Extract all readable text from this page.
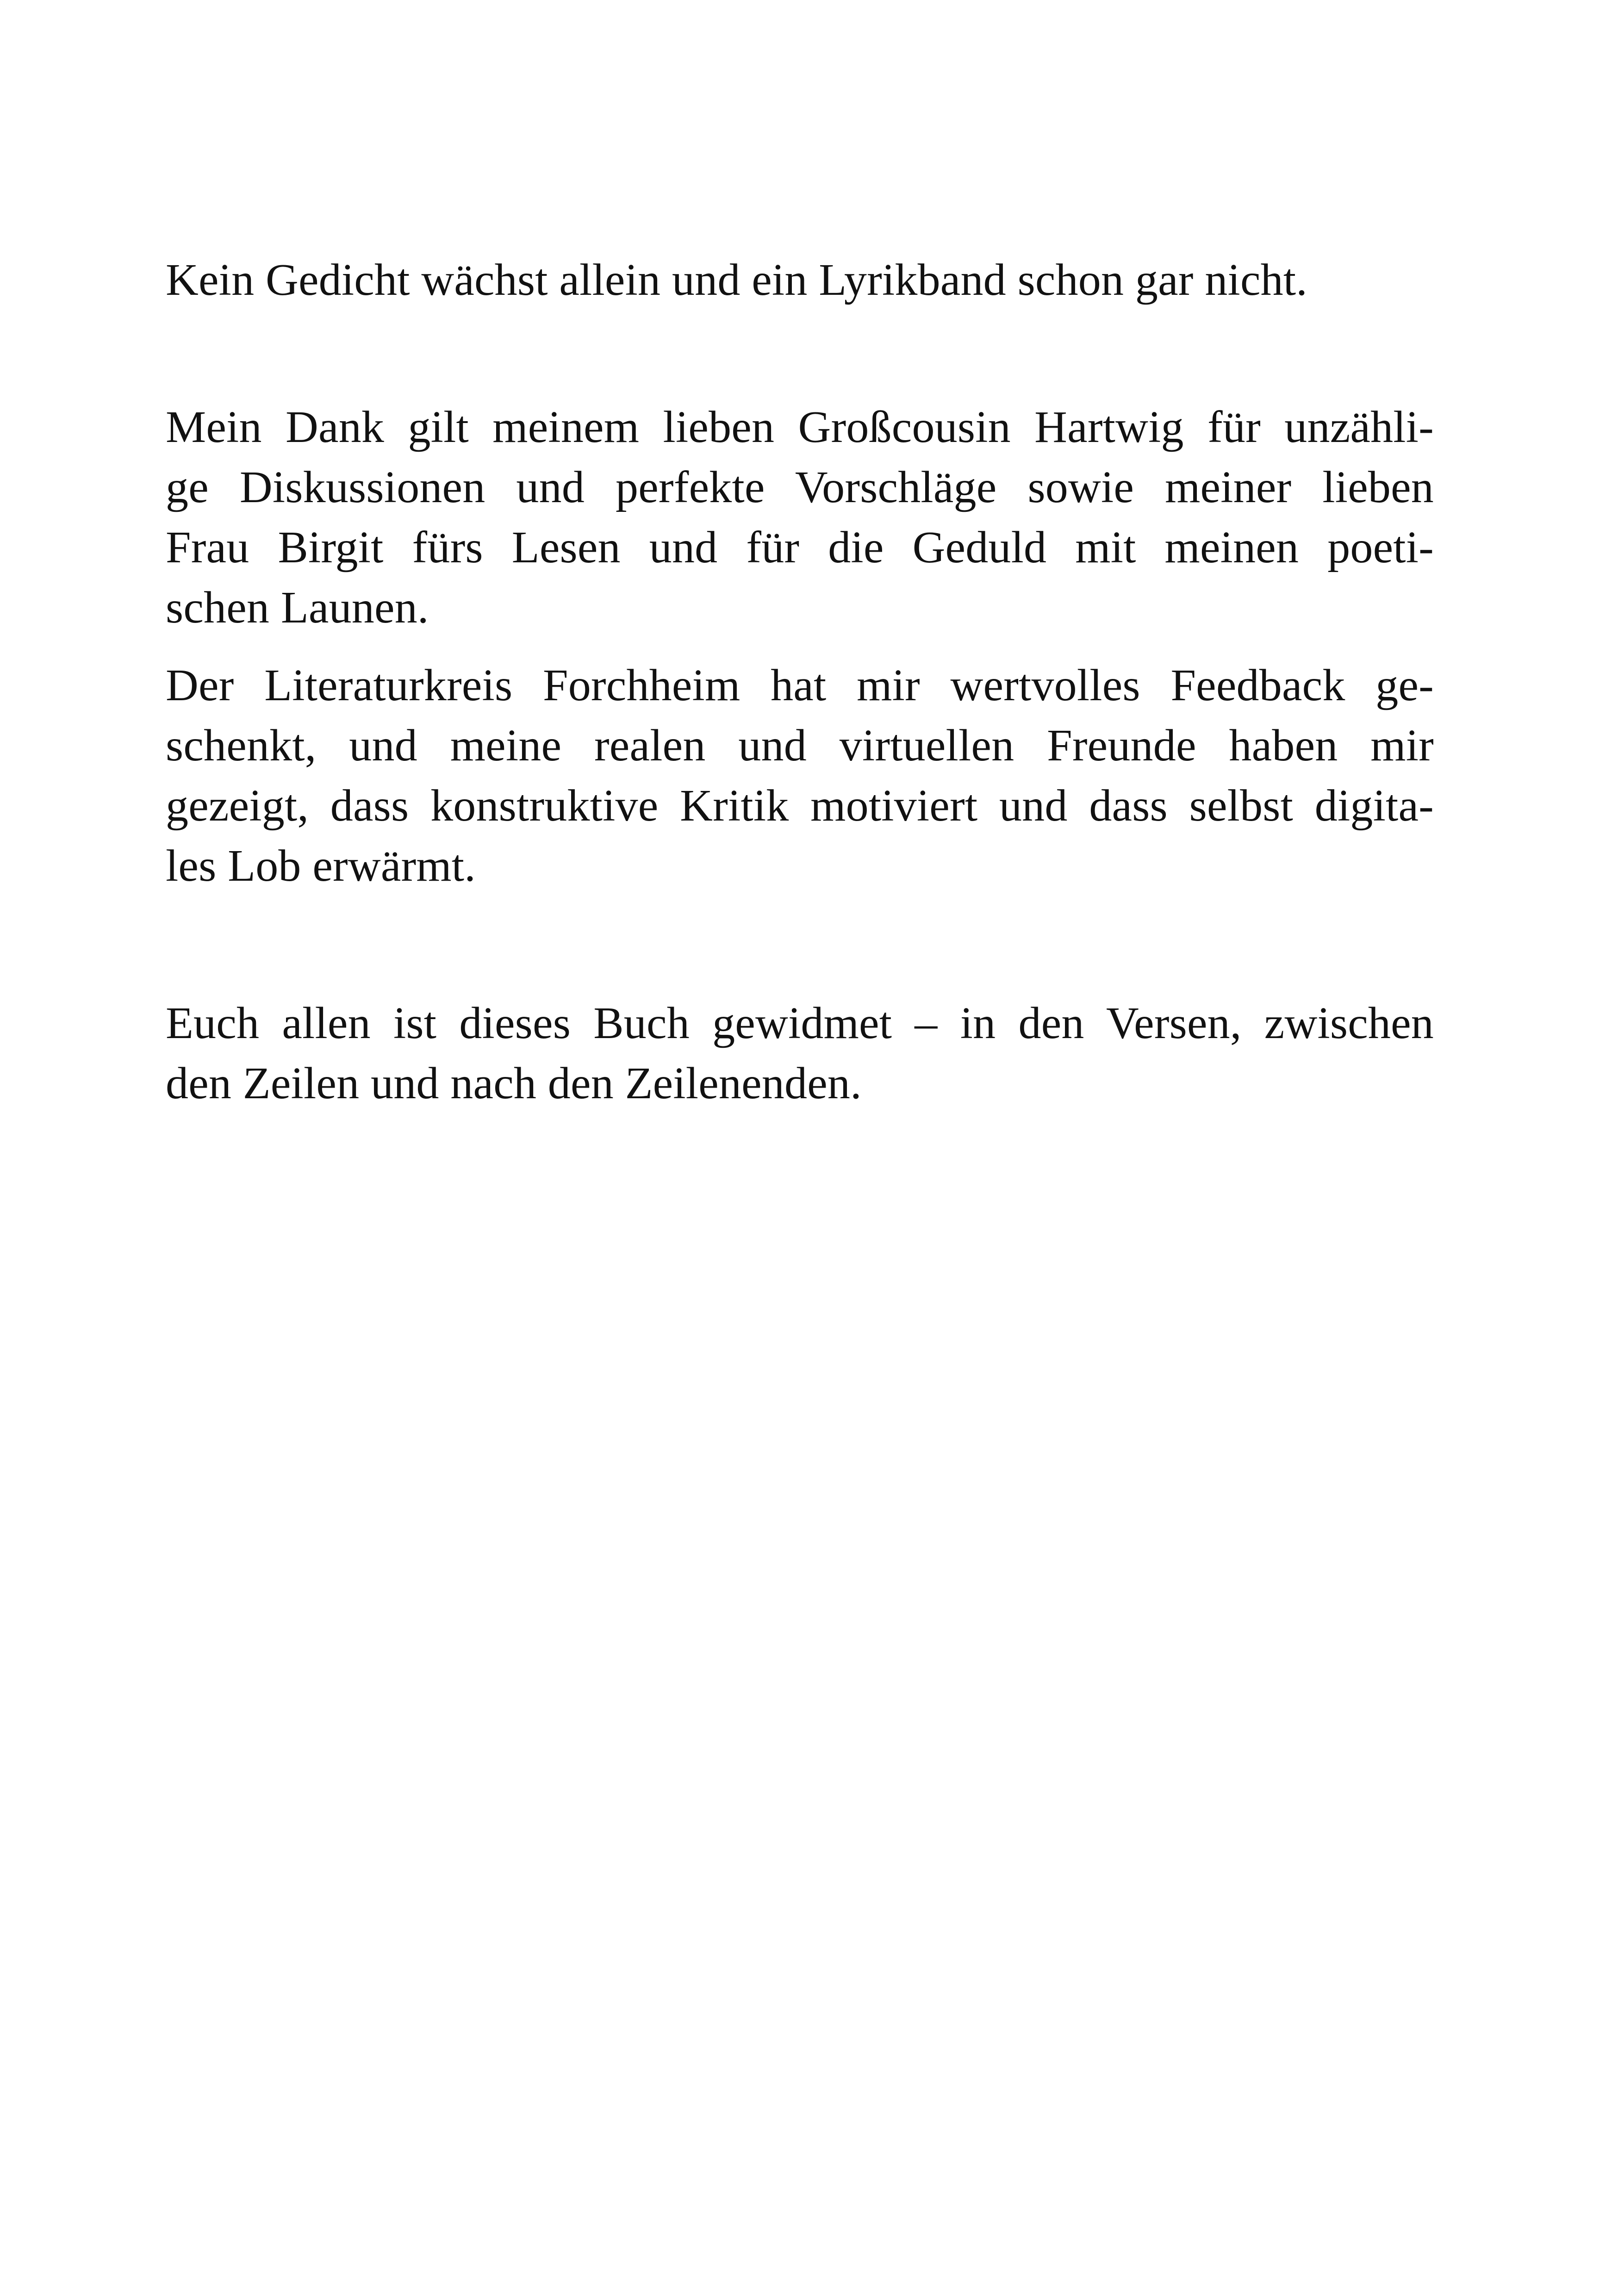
Kein Gedicht wächst allein und ein Lyrikband schon gar nicht.
Mein Dank gilt meinem lieben Großcousin Hartwig für unzähli-
ge Diskussionen und perfekte Vorschläge sowie meiner lieben
Frau Birgit fürs Lesen und für die Geduld mit meinen poeti-
schen Launen.
Der Literaturkreis Forchheim hat mir wertvolles Feedback ge-
schenkt, und meine realen und virtuellen Freunde haben mir
gezeigt, dass konstruktive Kritik motiviert und dass selbst digita-
les Lob erwärmt.
Euch allen ist dieses Buch gewidmet – in den Versen, zwischen
den Zeilen und nach den Zeilenenden.
